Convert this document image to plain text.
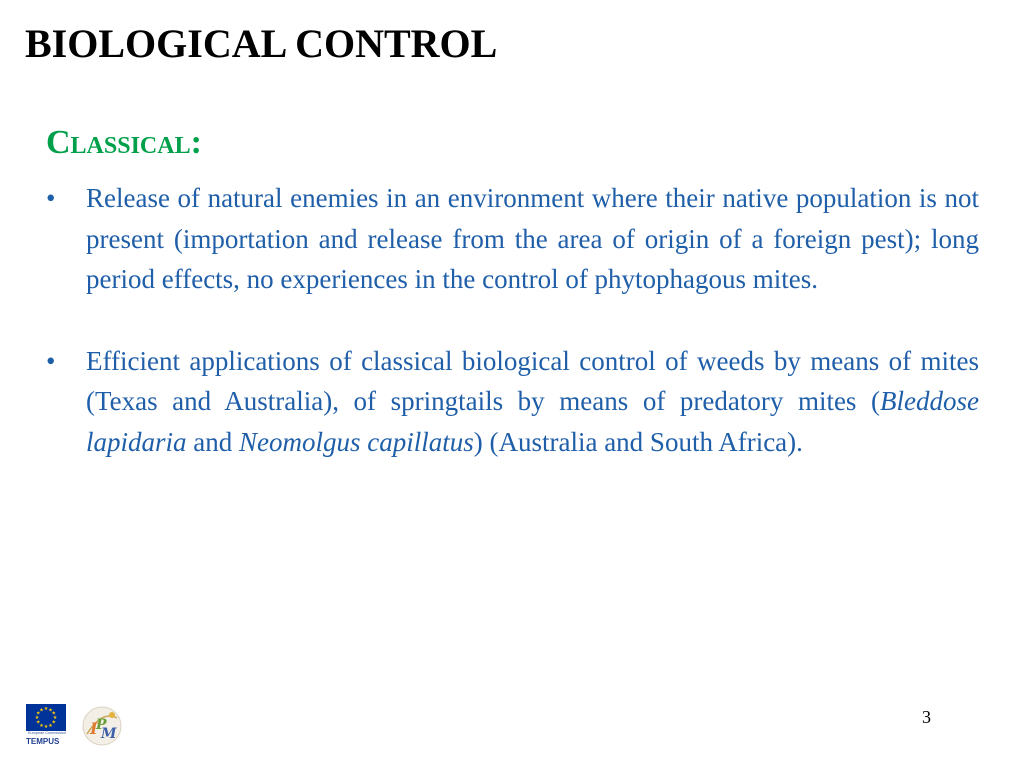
BIOLOGICAL CONTROL
Classical:
• Release of natural enemies in an environment where their native population is not present (importation and release from the area of origin of a foreign pest); long period effects, no experiences in the control of phytophagous mites.
• Efficient applications of classical biological control of weeds by means of mites (Texas and Australia), of springtails by means of predatory mites (Bleddose lapidaria and Neomolgus capillatus) (Australia and South Africa).
★ ★
★
★
★
★
★
★
★
★
★
★
European Commission
TEMPUS
I
P
M
3
